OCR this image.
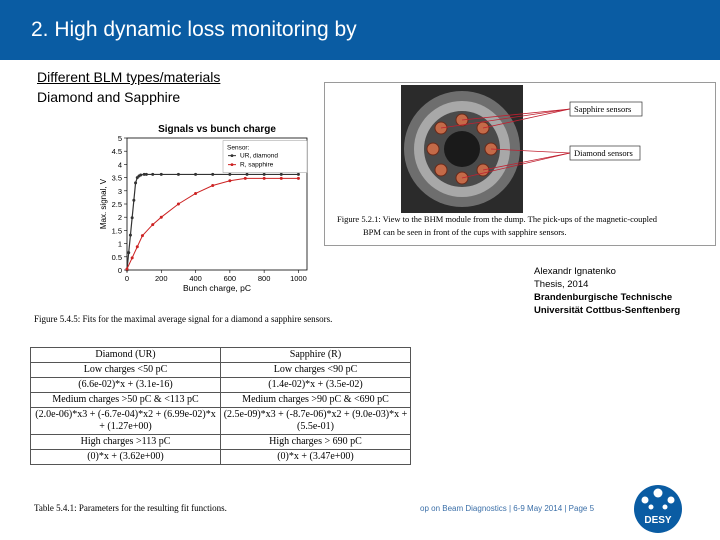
2. High dynamic loss monitoring by
Different BLM types/materials
Diamond and Sapphire
Signals vs bunch charge
0
0.5
1
1.5
2
2.5
3
3.5
4
4.5
5
0	200	400	600	800	1000
Bunch charge, pC
Max. signal, V
Sensor:
UR, diamond
R, sapphire
Figure 5.4.5: Fits for the maximal average signal for a diamond a sapphire sensors.
Sapphire sensors
Diamond sensors
Figure 5.2.1: View to the BHM module from the dump. The pick-ups of the magnetic-coupled
BPM can be seen in front of the cups with sapphire sensors.
Alexandr Ignatenko
Thesis, 2014
Brandenburgische Technische
Universität Cottbus-Senftenberg
Diamond (UR)	Sapphire (R)
Low charges <50 pC	Low charges <90 pC
(6.6e-02)*x + (3.1e-16)	(1.4e-02)*x + (3.5e-02)
Medium charges >50 pC & <113 pC	Medium charges >90 pC & <690 pC
(2.0e-06)*x3 + (-6.7e-04)*x2 + (6.99e-02)*x + (1.27e+00)	(2.5e-09)*x3 + (-8.7e-06)*x2 + (9.0e-03)*x + (5.5e-01)
High charges >113 pC	High charges > 690 pC
(0)*x + (3.62e+00)	(0)*x + (3.47e+00)
Table 5.4.1: Parameters for the resulting fit functions.	op on Beam Diagnostics | 6-9 May 2014 | Page 5
DESY
